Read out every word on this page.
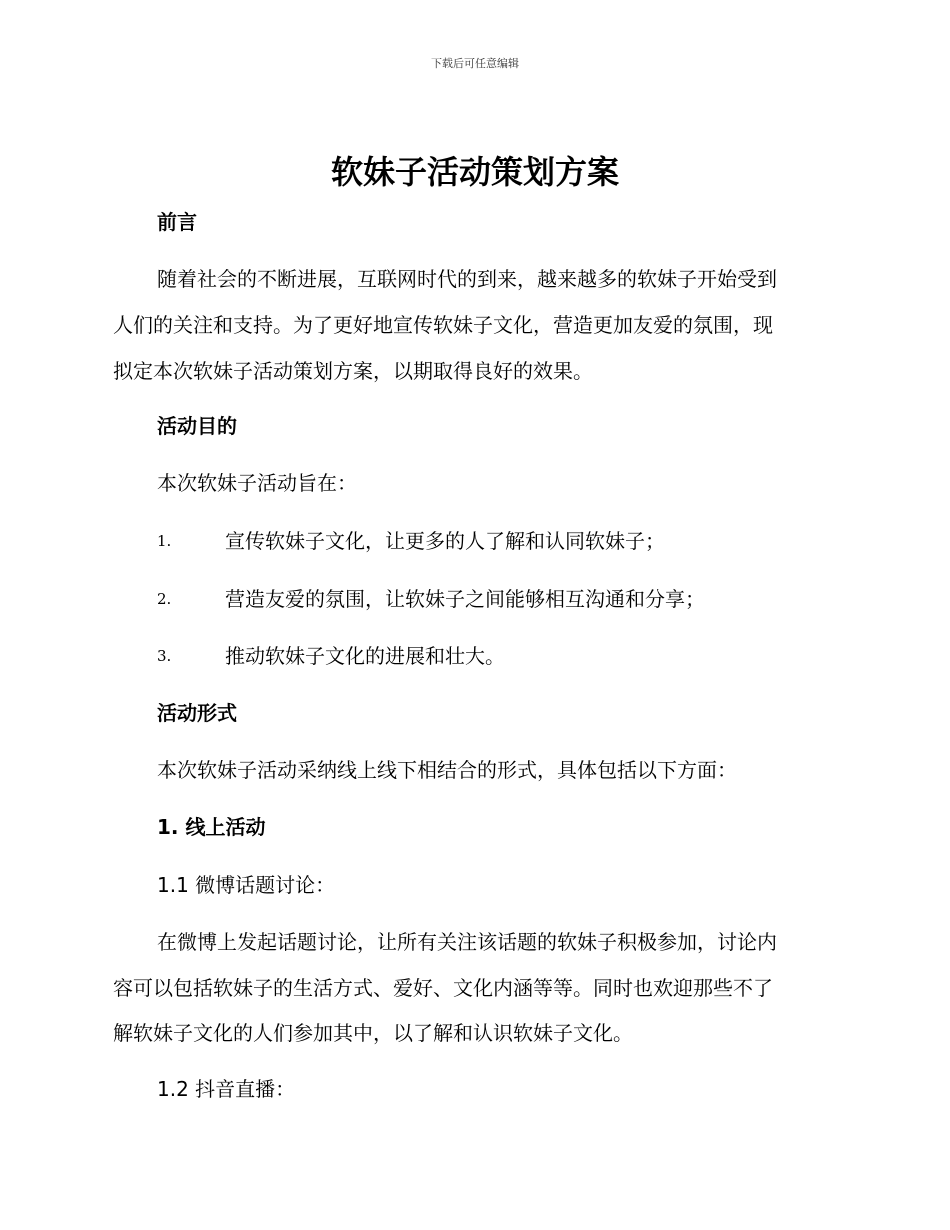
下载后可任意编辑
软妹子活动策划方案
前言
随着社会的不断进展，互联网时代的到来，越来越多的软妹子开始受到
人们的关注和支持。为了更好地宣传软妹子文化，营造更加友爱的氛围，现
拟定本次软妹子活动策划方案，以期取得良好的效果。
活动目的
本次软妹子活动旨在：
1.	宣传软妹子文化，让更多的人了解和认同软妹子；
2.	营造友爱的氛围，让软妹子之间能够相互沟通和分享；
3.	推动软妹子文化的进展和壮大。
活动形式
本次软妹子活动采纳线上线下相结合的形式，具体包括以下方面：
1. 线上活动
1.1 微博话题讨论：
在微博上发起话题讨论，让所有关注该话题的软妹子积极参加，讨论内
容可以包括软妹子的生活方式、爱好、文化内涵等等。同时也欢迎那些不了
解软妹子文化的人们参加其中，以了解和认识软妹子文化。
1.2 抖音直播：
